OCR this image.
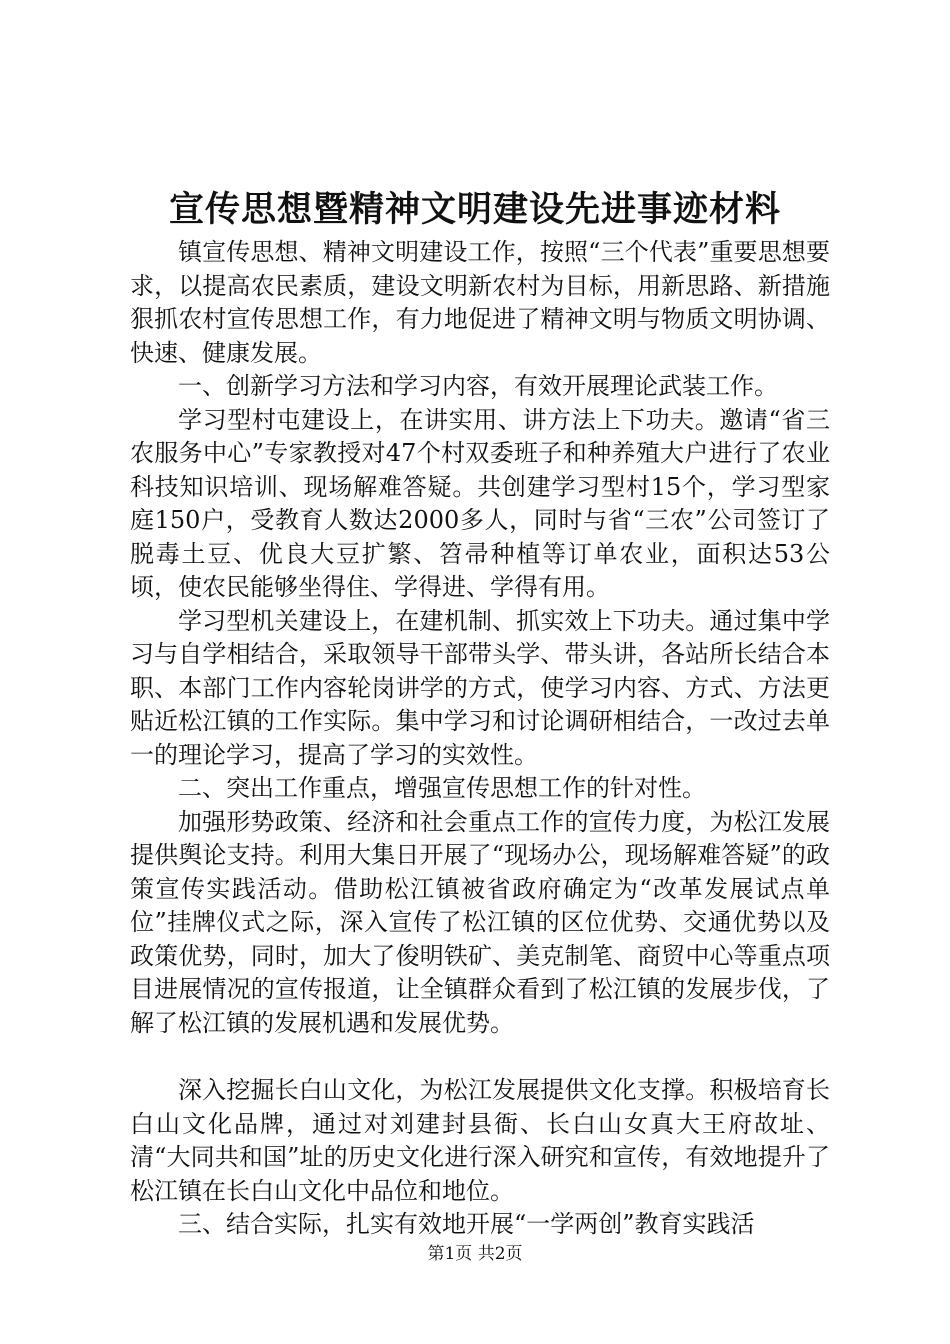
宣传思想暨精神文明建设先进事迹材料

镇宣传思想、精神文明建设工作，按照“三个代表”重要思想要求，以提高农民素质，建设文明新农村为目标，用新思路、新措施狠抓农村宣传思想工作，有力地促进了精神文明与物质文明协调、快速、健康发展。

一、创新学习方法和学习内容，有效开展理论武装工作。

学习型村屯建设上，在讲实用、讲方法上下功夫。邀请“省三农服务中心”专家教授对47个村双委班子和种养殖大户进行了农业科技知识培训、现场解难答疑。共创建学习型村15个，学习型家庭150户，受教育人数达2000多人，同时与省“三农”公司签订了脱毒土豆、优良大豆扩繁、笤帚种植等订单农业，面积达53公顷，使农民能够坐得住、学得进、学得有用。

学习型机关建设上，在建机制、抓实效上下功夫。通过集中学习与自学相结合，采取领导干部带头学、带头讲，各站所长结合本职、本部门工作内容轮岗讲学的方式，使学习内容、方式、方法更贴近松江镇的工作实际。集中学习和讨论调研相结合，一改过去单一的理论学习，提高了学习的实效性。

二、突出工作重点，增强宣传思想工作的针对性。

加强形势政策、经济和社会重点工作的宣传力度，为松江发展提供舆论支持。利用大集日开展了“现场办公，现场解难答疑”的政策宣传实践活动。借助松江镇被省政府确定为“改革发展试点单位”挂牌仪式之际，深入宣传了松江镇的区位优势、交通优势以及政策优势，同时，加大了俊明铁矿、美克制笔、商贸中心等重点项目进展情况的宣传报道，让全镇群众看到了松江镇的发展步伐，了解了松江镇的发展机遇和发展优势。

深入挖掘长白山文化，为松江发展提供文化支撑。积极培育长白山文化品牌，通过对刘建封县衙、长白山女真大王府故址、清“大同共和国”址的历史文化进行深入研究和宣传，有效地提升了松江镇在长白山文化中品位和地位。

三、结合实际，扎实有效地开展“一学两创”教育实践活

第1页 共2页
